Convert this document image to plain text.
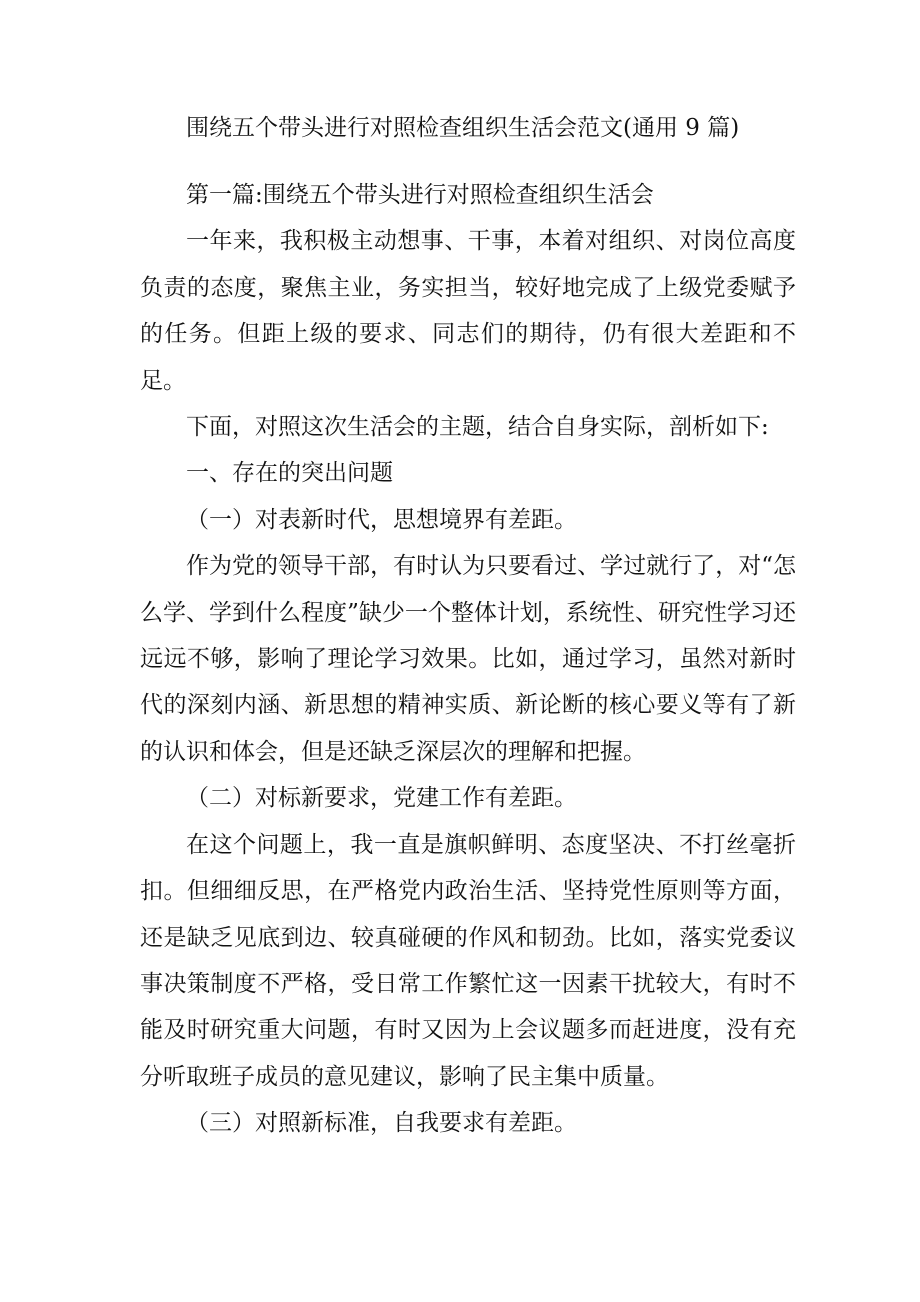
围绕五个带头进行对照检查组织生活会范文(通用 9 篇)

第一篇:围绕五个带头进行对照检查组织生活会

一年来，我积极主动想事、干事，本着对组织、对岗位高度负责的态度，聚焦主业，务实担当，较好地完成了上级党委赋予的任务。但距上级的要求、同志们的期待，仍有很大差距和不足。

下面，对照这次生活会的主题，结合自身实际，剖析如下:

一、存在的突出问题

（一）对表新时代，思想境界有差距。

作为党的领导干部，有时认为只要看过、学过就行了，对“怎么学、学到什么程度”缺少一个整体计划，系统性、研究性学习还远远不够，影响了理论学习效果。比如，通过学习，虽然对新时代的深刻内涵、新思想的精神实质、新论断的核心要义等有了新的认识和体会，但是还缺乏深层次的理解和把握。

（二）对标新要求，党建工作有差距。

在这个问题上，我一直是旗帜鲜明、态度坚决、不打丝毫折扣。但细细反思，在严格党内政治生活、坚持党性原则等方面，还是缺乏见底到边、较真碰硬的作风和韧劲。比如，落实党委议事决策制度不严格，受日常工作繁忙这一因素干扰较大，有时不能及时研究重大问题，有时又因为上会议题多而赶进度，没有充分听取班子成员的意见建议，影响了民主集中质量。

（三）对照新标准，自我要求有差距。
